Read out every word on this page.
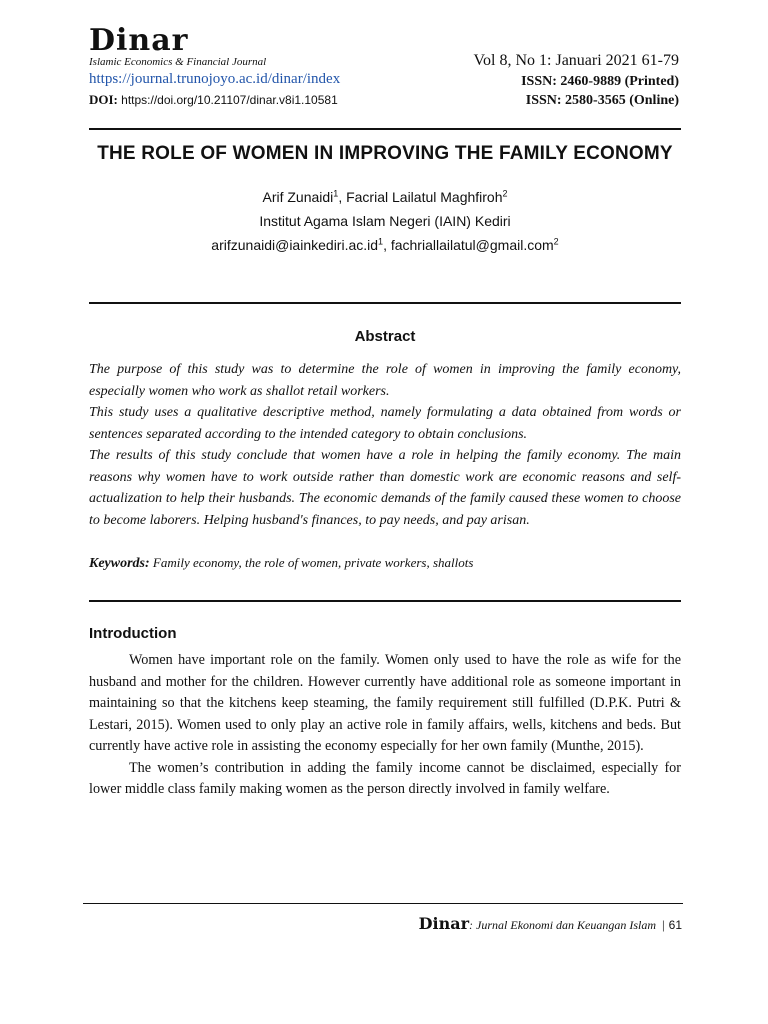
Dinar
Islamic Economics & Financial Journal
https://journal.trunojoyo.ac.id/dinar/index
DOI: https://doi.org/10.21107/dinar.v8i1.10581
Vol 8, No 1: Januari 2021 61-79
ISSN: 2460-9889 (Printed)
ISSN: 2580-3565 (Online)
THE ROLE OF WOMEN IN IMPROVING THE FAMILY ECONOMY
Arif Zunaidi$^1$, Facrial Lailatul Maghfiroh$^2$
Institut Agama Islam Negeri (IAIN) Kediri
$arifzunaidi@iainkediri.ac.id^1$, fachriallailatul@gmail.com$^2$
Abstract

The purpose of this study was to determine the role of women in improving the family economy, especially women who work as shallot retail workers.

This study uses a qualitative descriptive method, namely formulating a data obtained from words or sentences separated according to the intended category to obtain conclusions.

The results of this study conclude that women have a role in helping the family economy. The main reasons why women have to work outside rather than domestic work are economic reasons and self-actualization to help their husbands. The economic demands of the family caused these women to choose to become laborers. Helping husband's finances, to pay needs, and pay arisan.

Keywords: Family economy, the role of women, private workers, shallots
Introduction

Women have important role on the family. Women only used to have the role as wife for the husband and mother for the children. However currently have additional role as someone important in maintaining so that the kitchens keep steaming, the family requirement still fulfilled (D.P.K. Putri & Lestari, 2015). Women used to only play an active role in family affairs, wells, kitchens and beds. But currently have active role in assisting the economy especially for her own family (Munthe, 2015).

The women’s contribution in adding the family income cannot be disclaimed, especially for lower middle class family making women as the person directly involved in family welfare.

Dinar: Jurnal Ekonomi dan Keuangan Islam | 61
